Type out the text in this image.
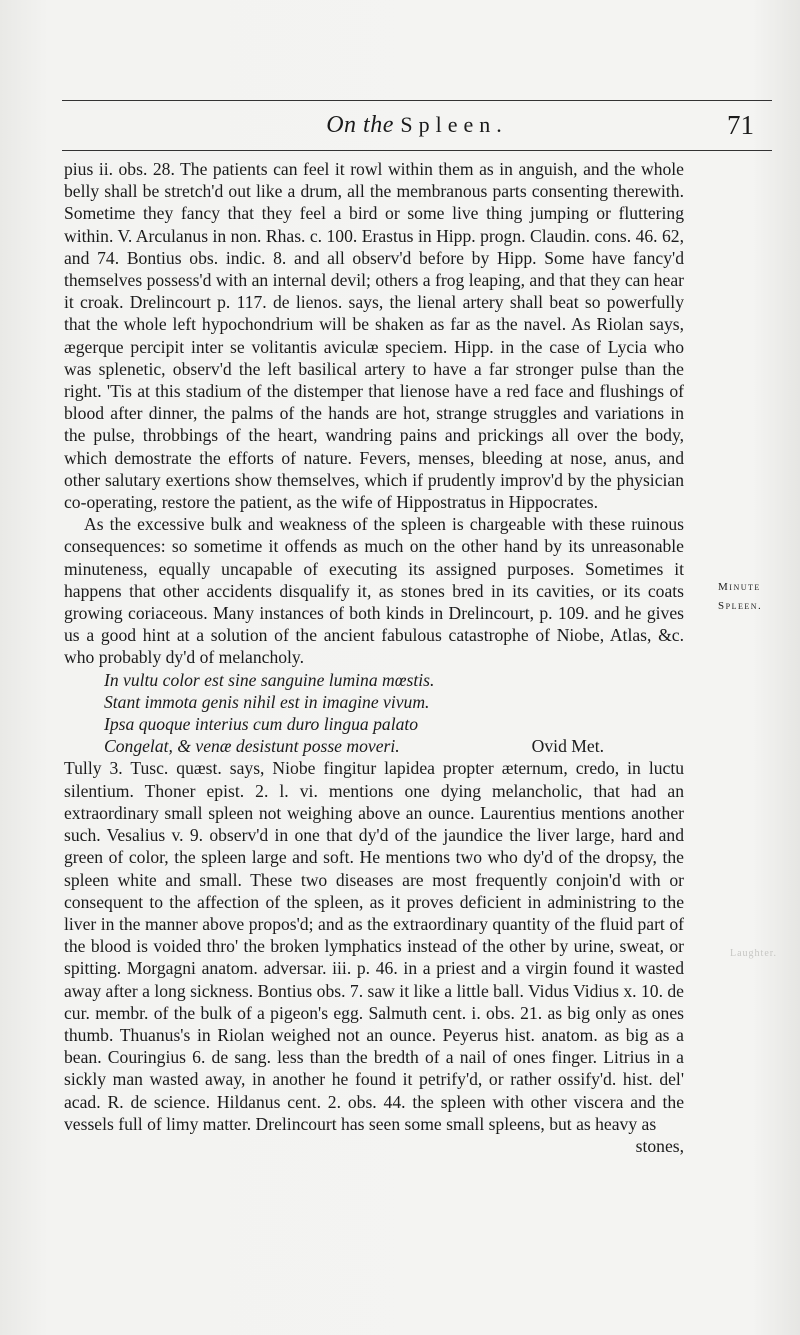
On the Spleen.	71

pius ii. obs. 28. The patients can feel it rowl within them as in anguish, and the whole belly shall be stretch'd out like a drum, all the membranous parts consenting therewith. Sometime they fancy that they feel a bird or some live thing jumping or fluttering within. V. Arculanus in non. Rhas. c. 100. Erastus in Hipp. progn. Claudin. cons. 46. 62, and 74. Bontius obs. indic. 8. and all observ'd before by Hipp. Some have fancy'd themselves possess'd with an internal devil; others a frog leaping, and that they can hear it croak. Drelincourt p. 117. de lienos. says, the lienal artery shall beat so powerfully that the whole left hypochondrium will be shaken as far as the navel. As Riolan says, ægerque percipit inter se volitantis aviculæ speciem. Hipp. in the case of Lycia who was splenetic, observ'd the left basilical artery to have a far stronger pulse than the right. 'Tis at this stadium of the distemper that lienose have a red face and flushings of blood after dinner, the palms of the hands are hot, strange struggles and variations in the pulse, throbbings of the heart, wandring pains and prickings all over the body, which demostrate the efforts of nature. Fevers, menses, bleeding at nose, anus, and other salutary exertions show themselves, which if prudently improv'd by the physician co-operating, restore the patient, as the wife of Hippostratus in Hippocrates.

As the excessive bulk and weakness of the spleen is chargeable with these ruinous consequences: so sometime it offends as much on the other hand by its unreasonable minuteness, equally uncapable of executing its assigned purposes. Sometimes it happens that other accidents disqualify it, as stones bred in its cavities, or its coats growing coriaceous. Many instances of both kinds in Drelincourt, p. 109. and he gives us a good hint at a solution of the ancient fabulous catastrophe of Niobe, Atlas, &c. who probably dy'd of melancholy.

In vultu color est sine sanguine lumina mœstis.
Stant immota genis nihil est in imagine vivum.
Ipsa quoque interius cum duro lingua palato
Congelat, & venæ desistunt posse moveri.	Ovid Met.

Tully 3. Tusc. quæst. says, Niobe fingitur lapidea propter æternum, credo, in luctu silentium. Thoner epist. 2. l. vi. mentions one dying melancholic, that had an extraordinary small spleen not weighing above an ounce. Laurentius mentions another such. Vesalius v. 9. observ'd in one that dy'd of the jaundice the liver large, hard and green of color, the spleen large and soft. He mentions two who dy'd of the dropsy, the spleen white and small. These two diseases are most frequently conjoin'd with or consequent to the affection of the spleen, as it proves deficient in administring to the liver in the manner above propos'd; and as the extraordinary quantity of the fluid part of the blood is voided thro' the broken lymphatics instead of the other by urine, sweat, or spitting. Morgagni anatom. adversar. iii. p. 46. in a priest and a virgin found it wasted away after a long sickness. Bontius obs. 7. saw it like a little ball. Vidus Vidius x. 10. de cur. membr. of the bulk of a pigeon's egg. Salmuth cent. i. obs. 21. as big only as ones thumb. Thuanus's in Riolan weighed not an ounce. Peyerus hist. anatom. as big as a bean. Couringius 6. de sang. less than the bredth of a nail of ones finger. Litrius in a sickly man wasted away, in another he found it petrify'd, or rather ossify'd. hist. del' acad. R. de science. Hildanus cent. 2. obs. 44. the spleen with other viscera and the vessels full of limy matter. Drelincourt has seen some small spleens, but as heavy as

stones,

Minute
Spleen.
Laughter.
